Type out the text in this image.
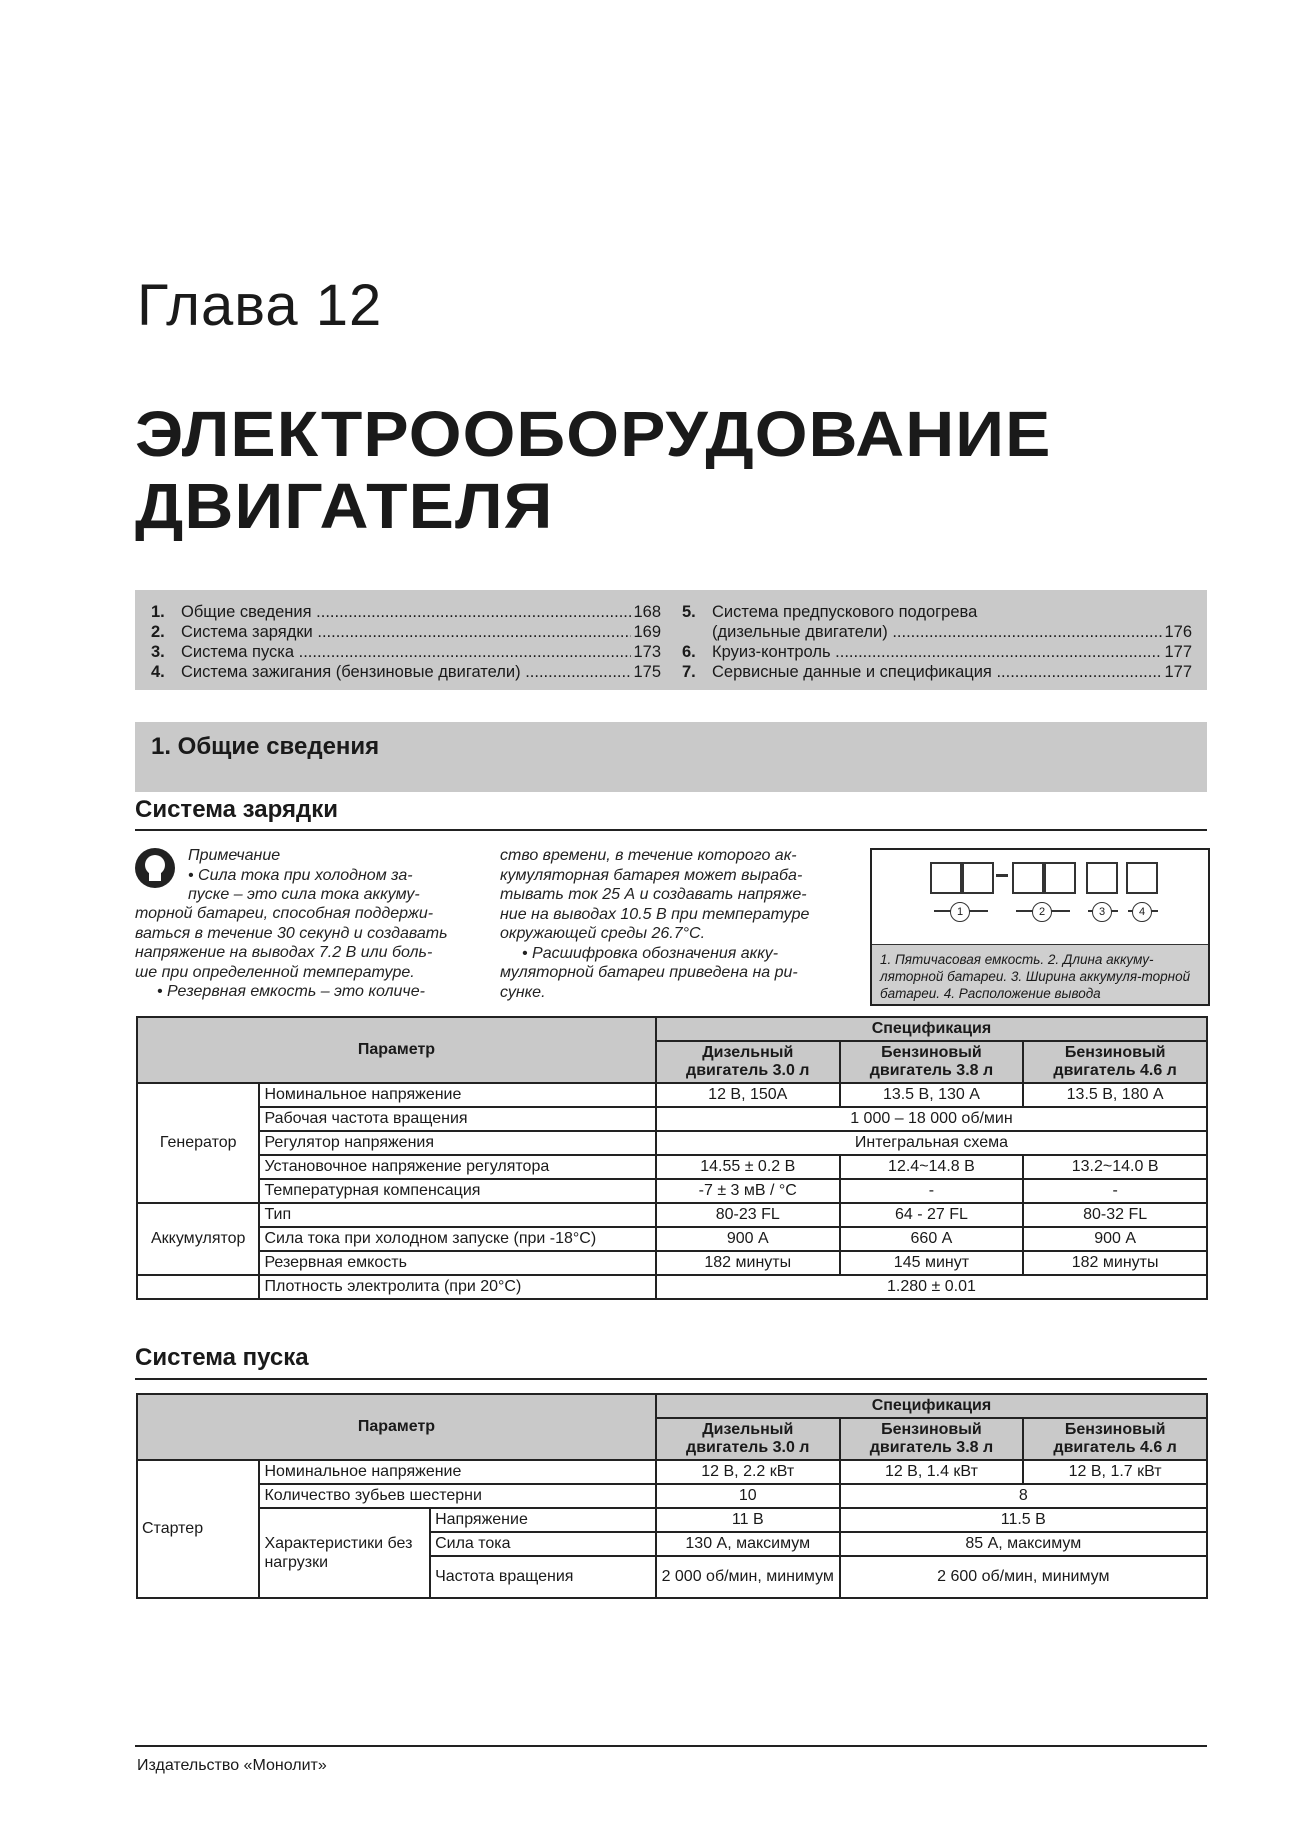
Глава 12
ЭЛЕКТРООБОРУДОВАНИЕ
ДВИГАТЕЛЯ
1. Общие сведения .....	168
2. Система зарядки .....	169
3. Система пуска .....	173
4. Система зажигания (бензиновые двигатели) .....	175
5. Система предпускового подогрева
(дизельные двигатели) .....	176
6. Круиз-контроль .....	177
7. Сервисные данные и спецификация .....	177
1. Общие сведения
Система зарядки

Примечание

• Сила тока при холодном за-

пуске – это сила тока аккуму-

торной батареи, способная поддержи-

ваться в течение 30 секунд и создавать

напряжение на выводах 7.2 В или боль-

ше при определенной температуре.

• Резервная емкость – это количе-

ство времени, в течение которого ак-

кумуляторная батарея может выраба-

тывать ток 25 А и создавать напряже-

ние на выводах 10.5 В при температуре

окружающей среды 26.7°C.

• Расшифровка обозначения акку-

муляторной батареи приведена на ри-

сунке.

1	2	3	4
1. Пятичасовая емкость. 2. Длина аккуму-ляторной батареи. 3. Ширина аккумуля-торной батареи. 4. Расположение вывода
Параметр		Спецификация		
		Дизельный двигатель 3.0 л	Бензиновый двигатель 3.8 л	Бензиновый двигатель 4.6 л
Генератор	Номинальное напряжение	12 В, 150А	13.5 В, 130 А	13.5 В, 180 А
	Рабочая частота вращения	1 000 – 18 000 об/мин		
	Регулятор напряжения	Интегральная схема		
	Установочное напряжение регулятора	14.55 ± 0.2 В	12.4~14.8 В	13.2~14.0 В
	Температурная компенсация	-7 ± 3 мВ / °C	-	-
Аккумулятор	Тип	80-23 FL	64 - 27 FL	80-32 FL
	Сила тока при холодном запуске (при -18°C)	900 А	660 А	900 А
	Резервная емкость	182 минуты	145 минут	182 минуты
	Плотность электролита (при 20°C)	1.280 ± 0.01		
Система пуска
Параметр			Спецификация		
			Дизельный двигатель 3.0 л	Бензиновый двигатель 3.8 л	Бензиновый двигатель 4.6 л
Стартер	Номинальное напряжение		12 В, 2.2 кВт	12 В, 1.4 кВт	12 В, 1.7 кВт
	Количество зубьев шестерни		10	8	
	Характеристики без нагрузки	Напряжение	11 В	11.5 В	
		Сила тока	130 А, максимум	85 А, максимум	
		Частота вращения	2 000 об/мин, минимум	2 600 об/мин, минимум	
Издательство «Монолит»
